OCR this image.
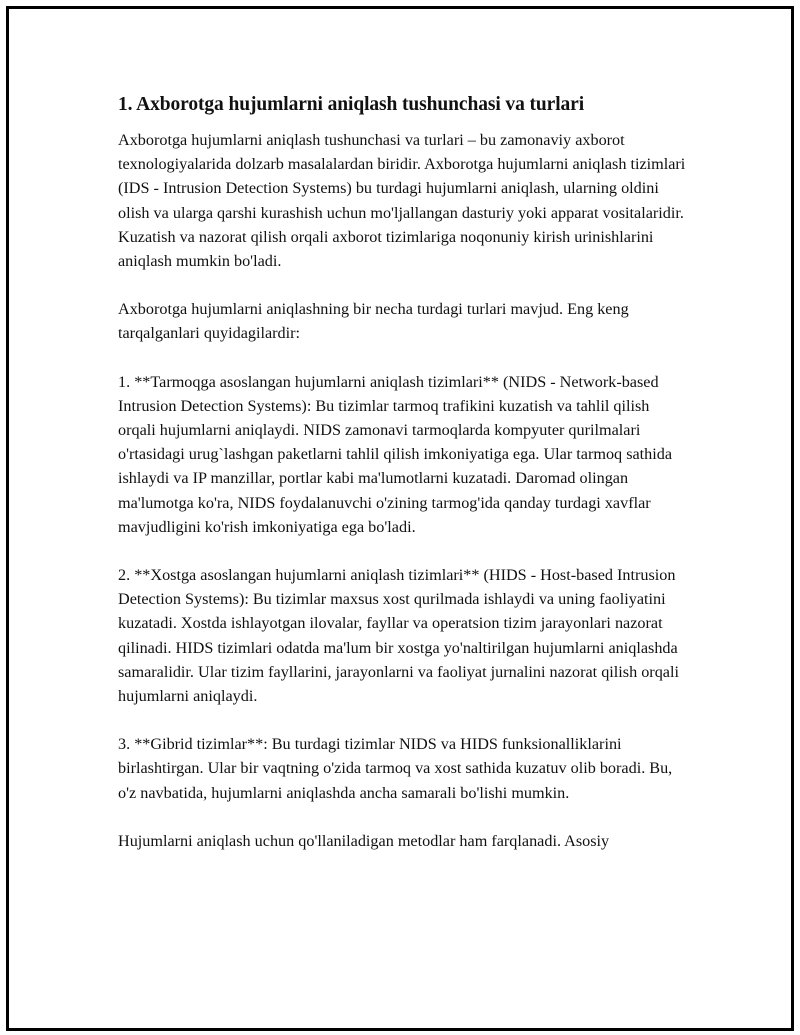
1. Axborotga hujumlarni aniqlash tushunchasi va turlari

Axborotga hujumlarni aniqlash tushunchasi va turlari – bu zamonaviy axborot texnologiyalarida dolzarb masalalardan biridir. Axborotga hujumlarni aniqlash tizimlari (IDS - Intrusion Detection Systems) bu turdagi hujumlarni aniqlash, ularning oldini olish va ularga qarshi kurashish uchun mo'ljallangan dasturiy yoki apparat vositalaridir. Kuzatish va nazorat qilish orqali axborot tizimlariga noqonuniy kirish urinishlarini aniqlash mumkin bo'ladi.

Axborotga hujumlarni aniqlashning bir necha turdagi turlari mavjud. Eng keng tarqalganlari quyidagilardir:

1. **Tarmoqga asoslangan hujumlarni aniqlash tizimlari** (NIDS - Network-based Intrusion Detection Systems): Bu tizimlar tarmoq trafikini kuzatish va tahlil qilish orqali hujumlarni aniqlaydi. NIDS zamonavi tarmoqlarda kompyuter qurilmalari o'rtasidagi urug`lashgan paketlarni tahlil qilish imkoniyatiga ega. Ular tarmoq sathida ishlaydi va IP manzillar, portlar kabi ma'lumotlarni kuzatadi. Daromad olingan ma'lumotga ko'ra, NIDS foydalanuvchi o'zining tarmog'ida qanday turdagi xavflar mavjudligini ko'rish imkoniyatiga ega bo'ladi.

2. **Xostga asoslangan hujumlarni aniqlash tizimlari** (HIDS - Host-based Intrusion Detection Systems): Bu tizimlar maxsus xost qurilmada ishlaydi va uning faoliyatini kuzatadi. Xostda ishlayotgan ilovalar, fayllar va operatsion tizim jarayonlari nazorat qilinadi. HIDS tizimlari odatda ma'lum bir xostga yo'naltirilgan hujumlarni aniqlashda samaralidir. Ular tizim fayllarini, jarayonlarni va faoliyat jurnalini nazorat qilish orqali hujumlarni aniqlaydi.

3. **Gibrid tizimlar**: Bu turdagi tizimlar NIDS va HIDS funksionalliklarini birlashtirgan. Ular bir vaqtning o'zida tarmoq va xost sathida kuzatuv olib boradi. Bu, o'z navbatida, hujumlarni aniqlashda ancha samarali bo'lishi mumkin.

Hujumlarni aniqlash uchun qo'llaniladigan metodlar ham farqlanadi. Asosiy
